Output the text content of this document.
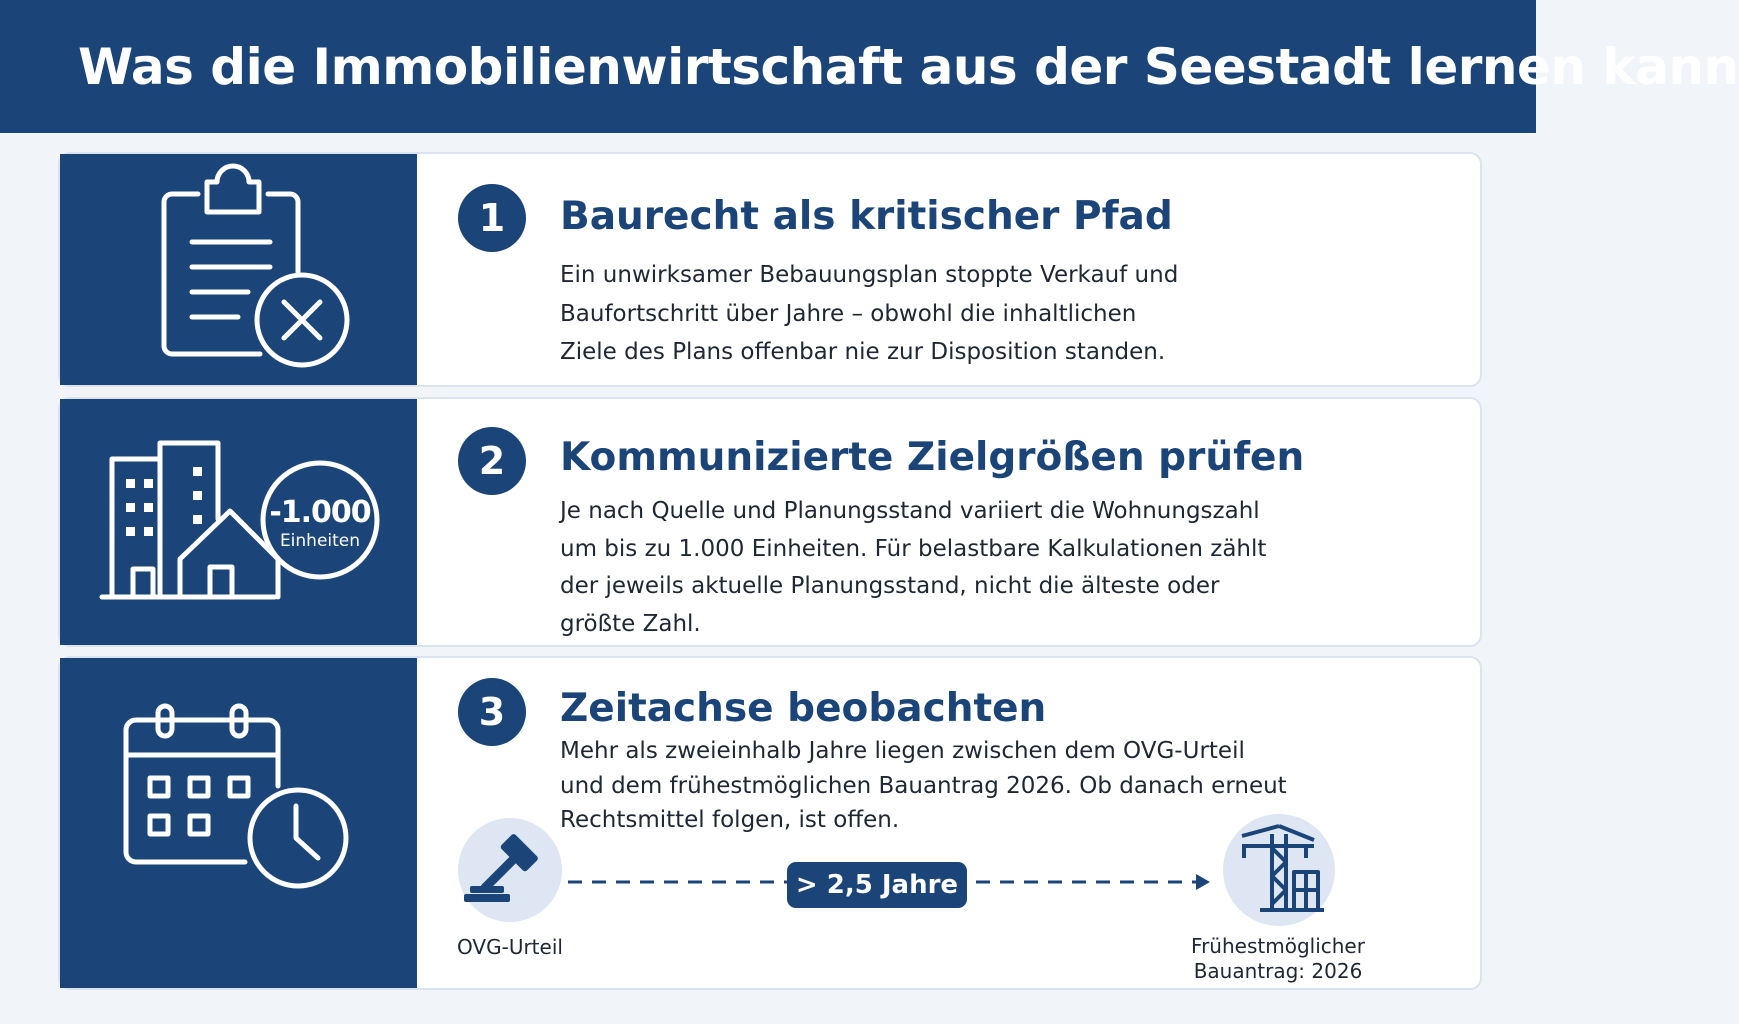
Was die Immobilienwirtschaft aus der Seestadt lernen kann
1	Baurecht als kritischer Pfad
Ein unwirksamer Bebauungsplan stoppte Verkauf und
Baufortschritt über Jahre – obwohl die inhaltlichen
Ziele des Plans offenbar nie zur Disposition standen.
-1.000
Einheiten
2	Kommunizierte Zielgrößen prüfen
Je nach Quelle und Planungsstand variiert die Wohnungszahl
um bis zu 1.000 Einheiten. Für belastbare Kalkulationen zählt
der jeweils aktuelle Planungsstand, nicht die älteste oder
größte Zahl.
3	Zeitachse beobachten
Mehr als zweieinhalb Jahre liegen zwischen dem OVG-Urteil
und dem frühestmöglichen Bauantrag 2026. Ob danach erneut
Rechtsmittel folgen, ist offen.
> 2,5 Jahre
OVG-Urteil	Frühestmöglicher
Bauantrag: 2026
